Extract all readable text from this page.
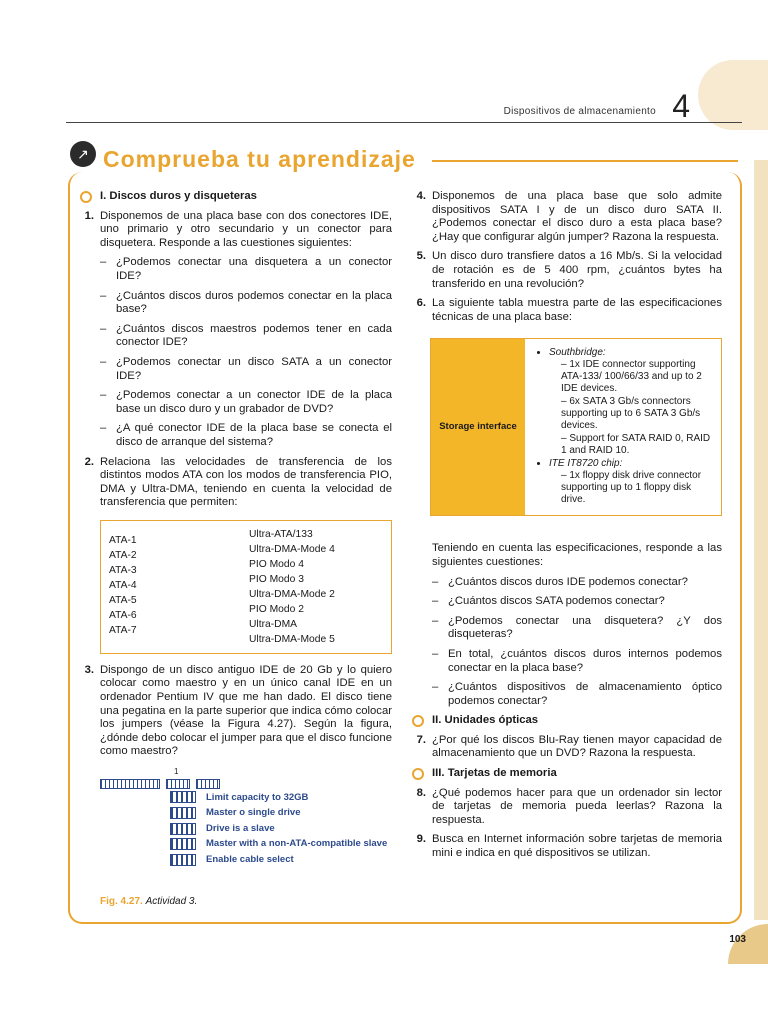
Dispositivos de almacenamiento 4
↗ Comprueba tu aprendizaje
I. Discos duros y disqueteras
1. Disponemos de una placa base con dos conectores IDE, uno primario y otro secundario y un conector para disquetera. Responde a las cuestiones siguientes:
– ¿Podemos conectar una disquetera a un conector IDE?
– ¿Cuántos discos duros podemos conectar en la placa base?
– ¿Cuántos discos maestros podemos tener en cada conector IDE?
– ¿Podemos conectar un disco SATA a un conector IDE?
– ¿Podemos conectar a un conector IDE de la placa base un disco duro y un grabador de DVD?
– ¿A qué conector IDE de la placa base se conecta el disco de arranque del sistema?
2. Relaciona las velocidades de transferencia de los distintos modos ATA con los modos de transferencia PIO, DMA y Ultra-DMA, teniendo en cuenta la velocidad de transferencia que permiten:
ATA-1
ATA-2
ATA-3
ATA-4
ATA-5
ATA-6
ATA-7
Ultra-ATA/133
Ultra-DMA-Mode 4
PIO Modo 4
PIO Modo 3
Ultra-DMA-Mode 2
PIO Modo 2
Ultra-DMA
Ultra-DMA-Mode 5
3. Dispongo de un disco antiguo IDE de 20 Gb y lo quiero colocar como maestro y en un único canal IDE en un ordenador Pentium IV que me han dado. El disco tiene una pegatina en la parte superior que indica cómo colocar los jumpers (véase la Figura 4.27). Según la figura, ¿dónde debo colocar el jumper para que el disco funcione como maestro?
1
Limit capacity to 32GB
Master o single drive
Drive is a slave
Master with a non-ATA-compatible slave
Enable cable select
Fig. 4.27. Actividad 3.
4. Disponemos de una placa base que solo admite dispositivos SATA I y de un disco duro SATA II. ¿Podemos conectar el disco duro a esta placa base? ¿Hay que configurar algún jumper? Razona la respuesta.
5. Un disco duro transfiere datos a 16 Mb/s. Si la velocidad de rotación es de 5 400 rpm, ¿cuántos bytes ha transferido en una revolución?
6. La siguiente tabla muestra parte de las especificaciones técnicas de una placa base:
Storage interface
• Southbridge:
– 1x IDE connector supporting ATA-133/ 100/66/33 and up to 2 IDE devices.
– 6x SATA 3 Gb/s connectors supporting up to 6 SATA 3 Gb/s devices.
– Support for SATA RAID 0, RAID 1 and RAID 10.
• ITE IT8720 chip:
– 1x floppy disk drive connector supporting up to 1 floppy disk drive.
Teniendo en cuenta las especificaciones, responde a las siguientes cuestiones:
– ¿Cuántos discos duros IDE podemos conectar?
– ¿Cuántos discos SATA podemos conectar?
– ¿Podemos conectar una disquetera? ¿Y dos disqueteras?
– En total, ¿cuántos discos duros internos podemos conectar en la placa base?
– ¿Cuántos dispositivos de almacenamiento óptico podemos conectar?
II. Unidades ópticas
7. ¿Por qué los discos Blu-Ray tienen mayor capacidad de almacenamiento que un DVD? Razona la respuesta.
III. Tarjetas de memoria
8. ¿Qué podemos hacer para que un ordenador sin lector de tarjetas de memoria pueda leerlas? Razona la respuesta.
9. Busca en Internet información sobre tarjetas de memoria mini e indica en qué dispositivos se utilizan.
103
